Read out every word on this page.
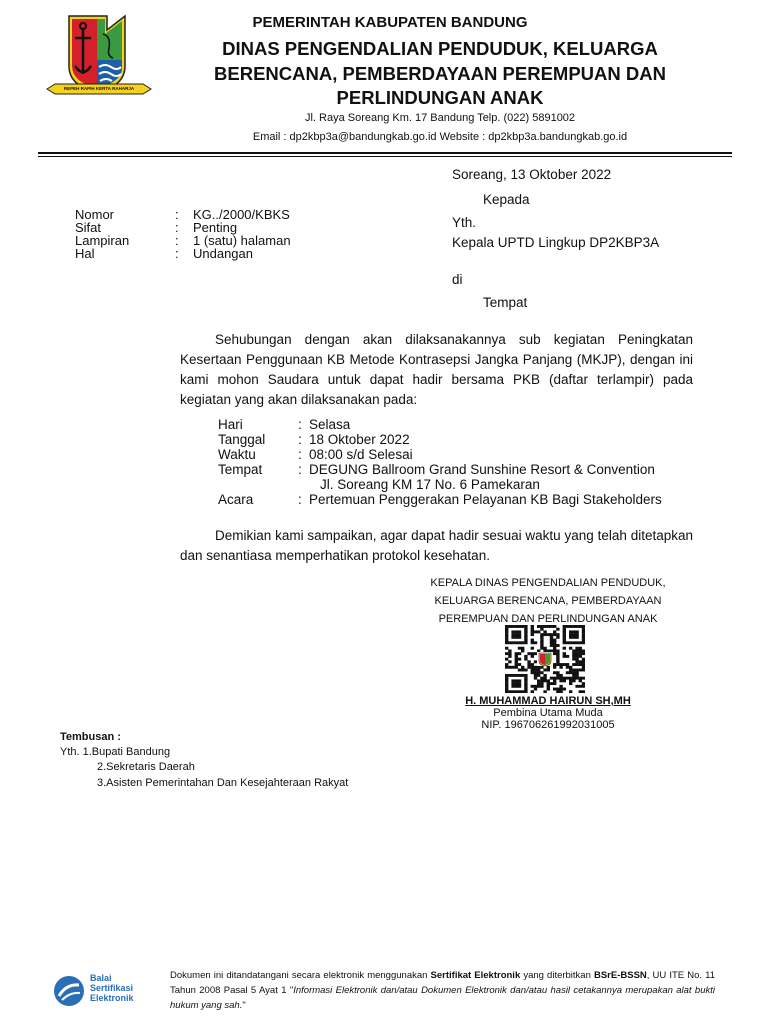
REPEH RAPIH KERTA RAHARJA
PEMERINTAH KABUPATEN BANDUNG
DINAS PENGENDALIAN PENDUDUK, KELUARGA
BERENCANA, PEMBERDAYAAN PEREMPUAN DAN
PERLINDUNGAN ANAK
Jl. Raya Soreang Km. 17 Bandung Telp. (022) 5891002
Email : dp2kbp3a@bandungkab.go.id Website : dp2kbp3a.bandungkab.go.id
Soreang, 13 Oktober 2022
Kepada
Yth.
Kepala UPTD Lingkup DP2KBP3A
di
Tempat
Nomor	:	KG../2000/KBKS
Sifat	:	Penting
Lampiran	:	1 (satu) halaman
Hal	:	Undangan
Sehubungan dengan akan dilaksanakannya sub kegiatan Peningkatan Kesertaan Penggunaan KB Metode Kontrasepsi Jangka Panjang (MKJP), dengan ini kami mohon Saudara untuk dapat hadir bersama PKB (daftar terlampir) pada kegiatan yang akan dilaksanakan pada:
Hari	:	Selasa
Tanggal	:	18 Oktober 2022
Waktu	:	08:00 s/d Selesai
Tempat	:	DEGUNG Ballroom Grand Sunshine Resort & Convention
Jl. Soreang KM 17 No. 6 Pamekaran

Acara	:	Pertemuan Penggerakan Pelayanan KB Bagi Stakeholders
Demikian kami sampaikan, agar dapat hadir sesuai waktu yang telah ditetapkan dan senantiasa memperhatikan protokol kesehatan.
KEPALA DINAS PENGENDALIAN PENDUDUK,
KELUARGA BERENCANA, PEMBERDAYAAN
PEREMPUAN DAN PERLINDUNGAN ANAK
H. MUHAMMAD HAIRUN SH,MH
Pembina Utama Muda
NIP. 196706261992031005
Tembusan :
Yth. 1.Bupati Bandung
2.Sekretaris Daerah
3.Asisten Pemerintahan Dan Kesejahteraan Rakyat
Balai
Sertifikasi
Elektronik
Dokumen ini ditandatangani secara elektronik menggunakan Sertifikat Elektronik yang diterbitkan BSrE-BSSN, UU ITE No. 11 Tahun 2008 Pasal 5 Ayat 1 "Informasi Elektronik dan/atau Dokumen Elektronik dan/atau hasil cetakannya merupakan alat bukti hukum yang sah."
